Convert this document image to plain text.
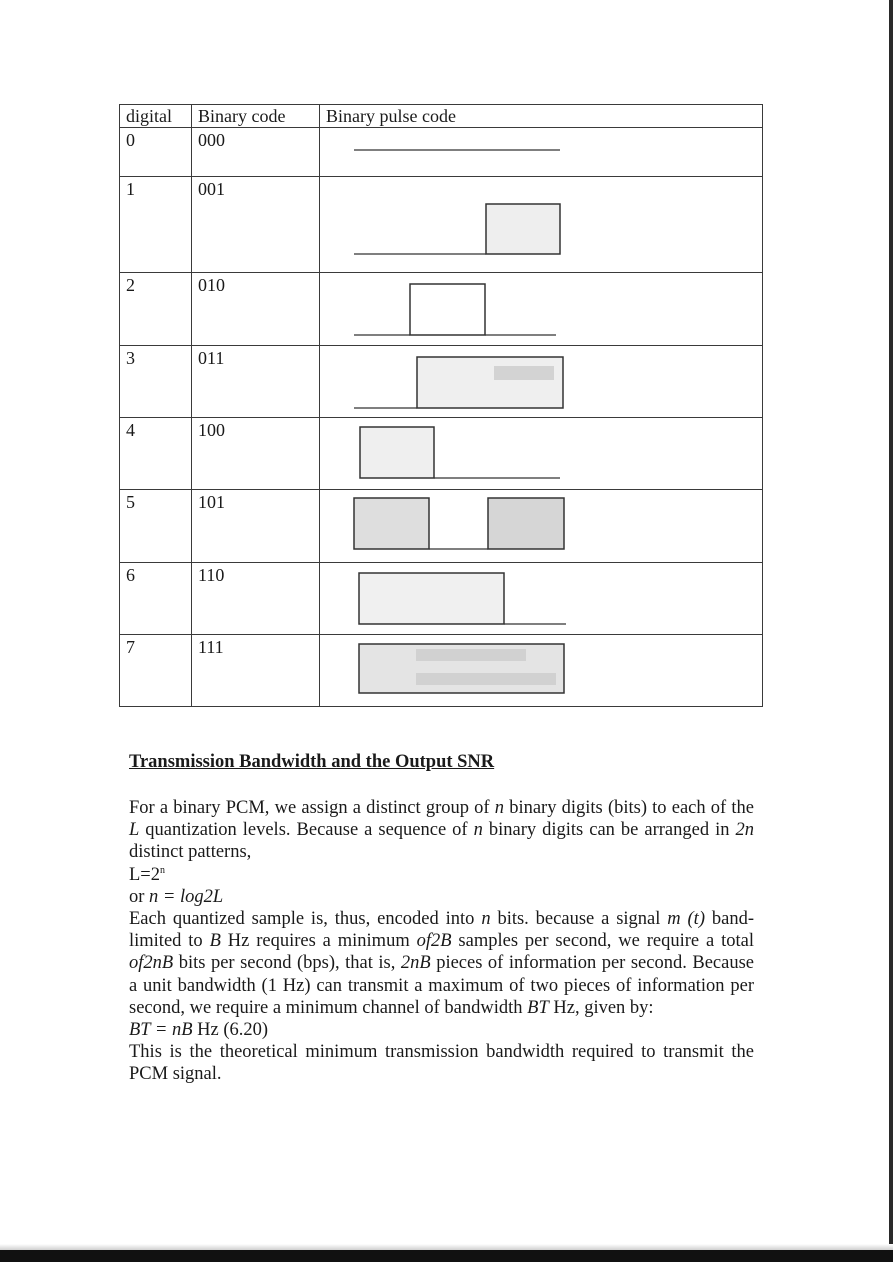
digital	Binary code	Binary pulse code
0	000	

1	001	

2	010	

3	011	

4	100	

5	101	

6	110	

7	111	
Transmission Bandwidth and the Output SNR

For a binary PCM, we assign a distinct group of n binary digits (bits) to each of the L quantization levels. Because a sequence of n binary digits can be arranged in 2n distinct patterns,

$L=2^n$

or n = log2L

Each quantized sample is, thus, encoded into n bits. because a signal m (t) band-limited to B Hz requires a minimum of2B samples per second, we require a total of2nB bits per second (bps), that is, 2nB pieces of information per second. Because a unit bandwidth (1 Hz) can transmit a maximum of two pieces of information per second, we require a minimum channel of bandwidth BT Hz, given by:

BT = nB Hz (6.20)

This is the theoretical minimum transmission bandwidth required to transmit the PCM signal.
